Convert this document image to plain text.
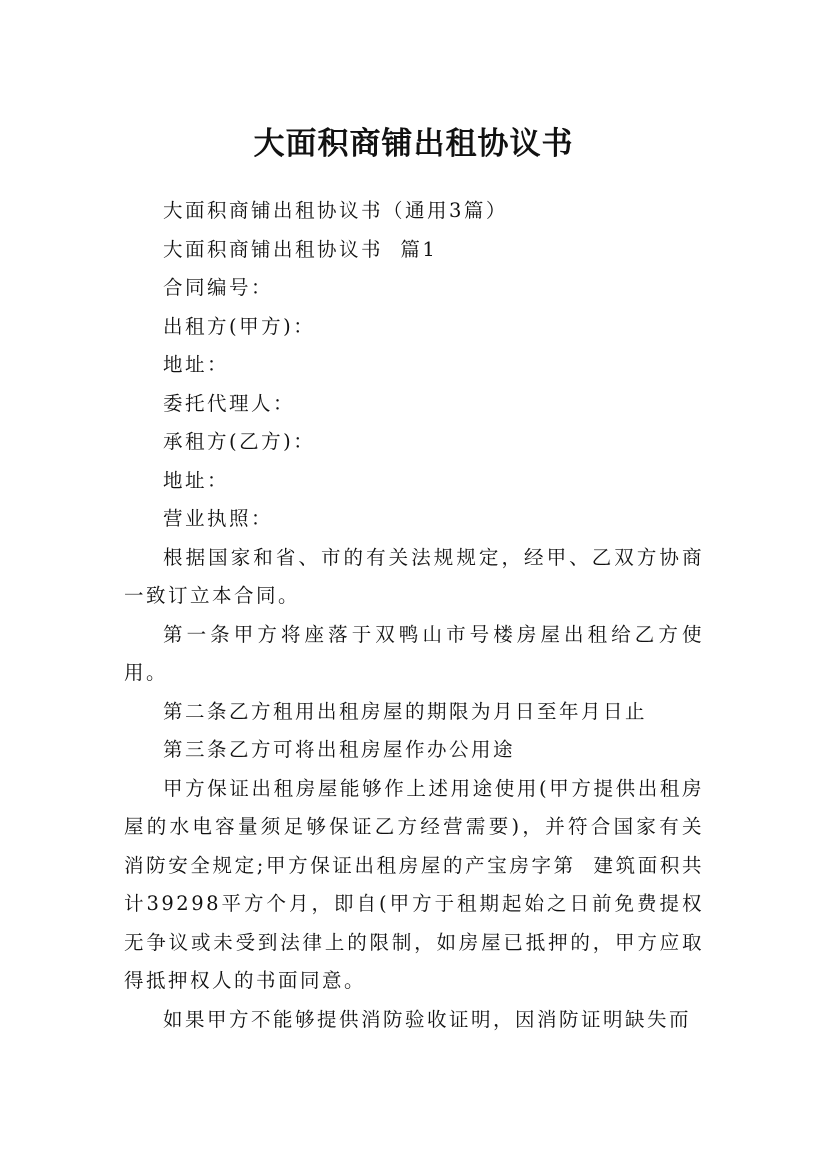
大面积商铺出租协议书

大面积商铺出租协议书（通用3篇）

大面积商铺出租协议书  篇1

合同编号：

出租方(甲方)：

地址：

委托代理人：

承租方(乙方)：

地址：

营业执照：

根据国家和省、市的有关法规规定，经甲、乙双方协商一致订立本合同。

第一条甲方将座落于双鸭山市号楼房屋出租给乙方使用。

第二条乙方租用出租房屋的期限为月日至年月日止

第三条乙方可将出租房屋作办公用途

甲方保证出租房屋能够作上述用途使用(甲方提供出租房屋的水电容量须足够保证乙方经营需要)，并符合国家有关消防安全规定;甲方保证出租房屋的产宝房字第  建筑面积共计39298平方个月，即自(甲方于租期起始之日前免费提权无争议或未受到法律上的限制，如房屋已抵押的，甲方应取得抵押权人的书面同意。

如果甲方不能够提供消防验收证明，因消防证明缺失而
